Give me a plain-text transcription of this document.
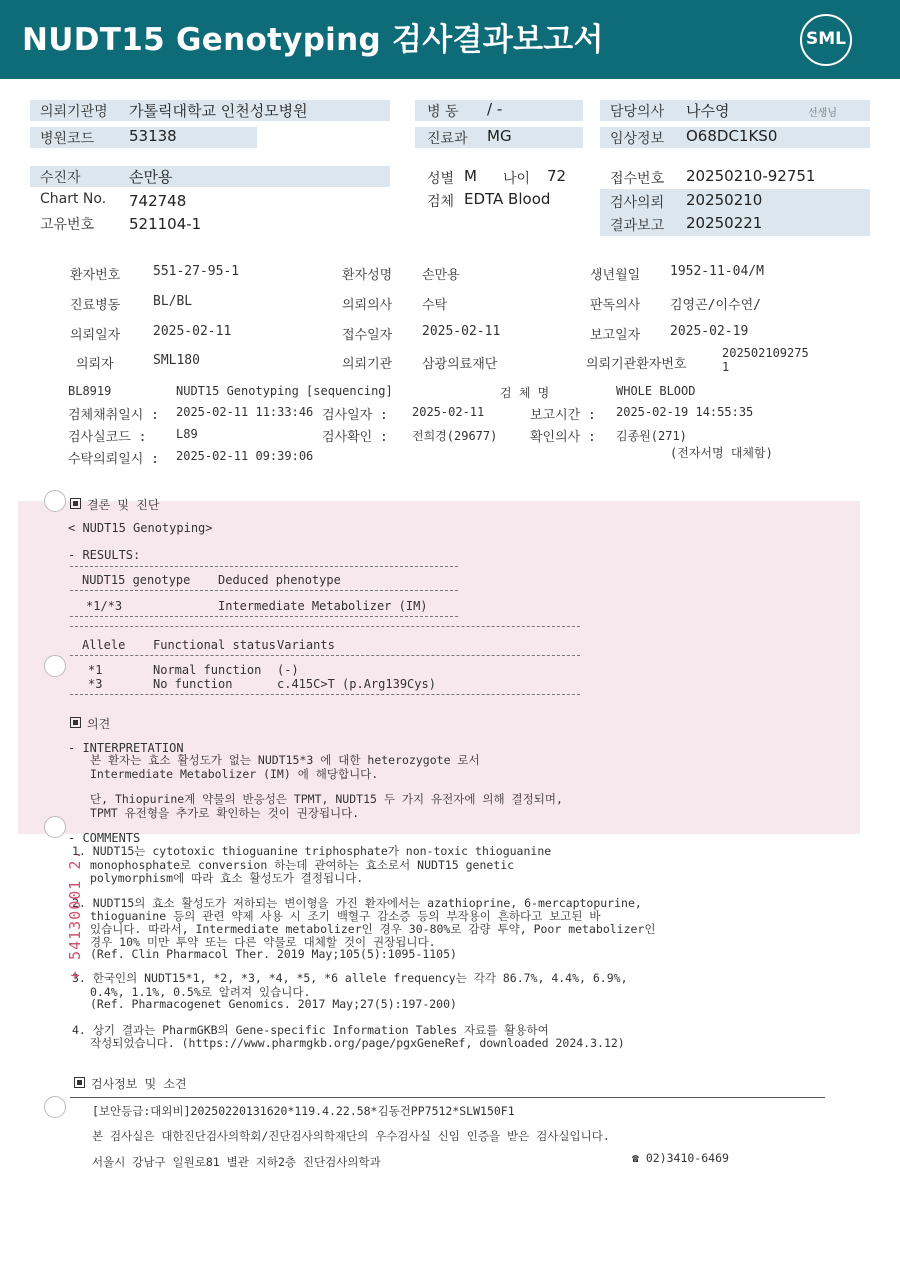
NUDT15 Genotyping 검사결과보고서	SML
의뢰기관명 가톨릭대학교 인천성모병원
병원코드 53138
병 동 / -
진료과 MG
담당의사 나수영	선생님
임상정보 O68DC1KS0
수진자	손만용
Chart No. 742748
고유번호 521104-1
성별 M 나이 72
검체 EDTA Blood
접수번호 20250210-92751
검사의뢰 20250210
결과보고 20250221
환자번호	551-27-95-1	환자성명 손만용	생년월일 1952-11-04/M
진료병동	BL/BL	의뢰의사 수탁	판독의사 김영곤/이수연/
의뢰일자	2025-02-11	접수일자 2025-02-11	보고일자 2025-02-19
의뢰자	SML180	의뢰기관 삼광의료재단	의뢰기관환자번호
202502109275
1
BL8919	NUDT15 Genotyping [sequencing]	검 체 명	WHOLE BLOOD
검체채취일시 : 2025-02-11 11:33:46 검사일자 : 2025-02-11	보고시간 : 2025-02-19 14:55:35
검사실코드 : L89	검사확인 : 전희경(29677)	확인의사 : 김종원(271)
수탁의뢰일시 : 2025-02-11 09:39:06	(전자서명 대체함)
결론 및 진단
< NUDT15 Genotyping>
- RESULTS:
NUDT15 genotype Deduced phenotype
*1/*3	Intermediate Metabolizer (IM)
Allele Functional status Variants
*1	Normal function (-)
*3	No function	c.415C>T (p.Arg139Cys)
의견
- INTERPRETATION
본 환자는 효소 활성도가 없는 NUDT15*3 에 대한 heterozygote 로서
Intermediate Metabolizer (IM) 에 해당합니다.
단, Thiopurine계 약물의 반응성은 TPMT, NUDT15 두 가지 유전자에 의해 결정되며,
TPMT 유전형을 추가로 확인하는 것이 권장됩니다.
- COMMENTS
1. NUDT15는 cytotoxic thioguanine triphosphate가 non-toxic thioguanine
monophosphate로 conversion 하는데 관여하는 효소로서 NUDT15 genetic
polymorphism에 따라 효소 활성도가 결정됩니다.
2. NUDT15의 효소 활성도가 저하되는 변이형을 가진 환자에서는 azathioprine, 6-mercaptopurine,
thioguanine 등의 관련 약제 사용 시 조기 백혈구 감소증 등의 부작용이 흔하다고 보고된 바
있습니다. 따라서, Intermediate metabolizer인 경우 30-80%로 감량 투약, Poor metabolizer인
경우 10% 미만 투약 또는 다른 약물로 대체할 것이 권장됩니다.
(Ref. Clin Pharmacol Ther. 2019 May;105(5):1095-1105)
3. 한국인의 NUDT15*1, *2, *3, *4, *5, *6 allele frequency는 각각 86.7%, 4.4%, 6.9%,
0.4%, 1.1%, 0.5%로 알려져 있습니다.
(Ref. Pharmacogenet Genomics. 2017 May;27(5):197-200)
4. 상기 결과는 PharmGKB의 Gene-specific Information Tables 자료를 활용하여
작성되었습니다. (https://www.pharmgkb.org/page/pgxGeneRef, downloaded 2024.3.12)
검사정보 및 소견
[보안등급:대외비]20250220131620*119.4.22.58*김동건PP7512*SLW150F1
본 검사실은 대한진단검사의학회/진단검사의학재단의 우수검사실 신임 인증을 받은 검사실입니다.
서울시 강남구 일원로81 별관 지하2층 진단검사의학과	☎ 02)3410-6469
+ 54130001 2.
